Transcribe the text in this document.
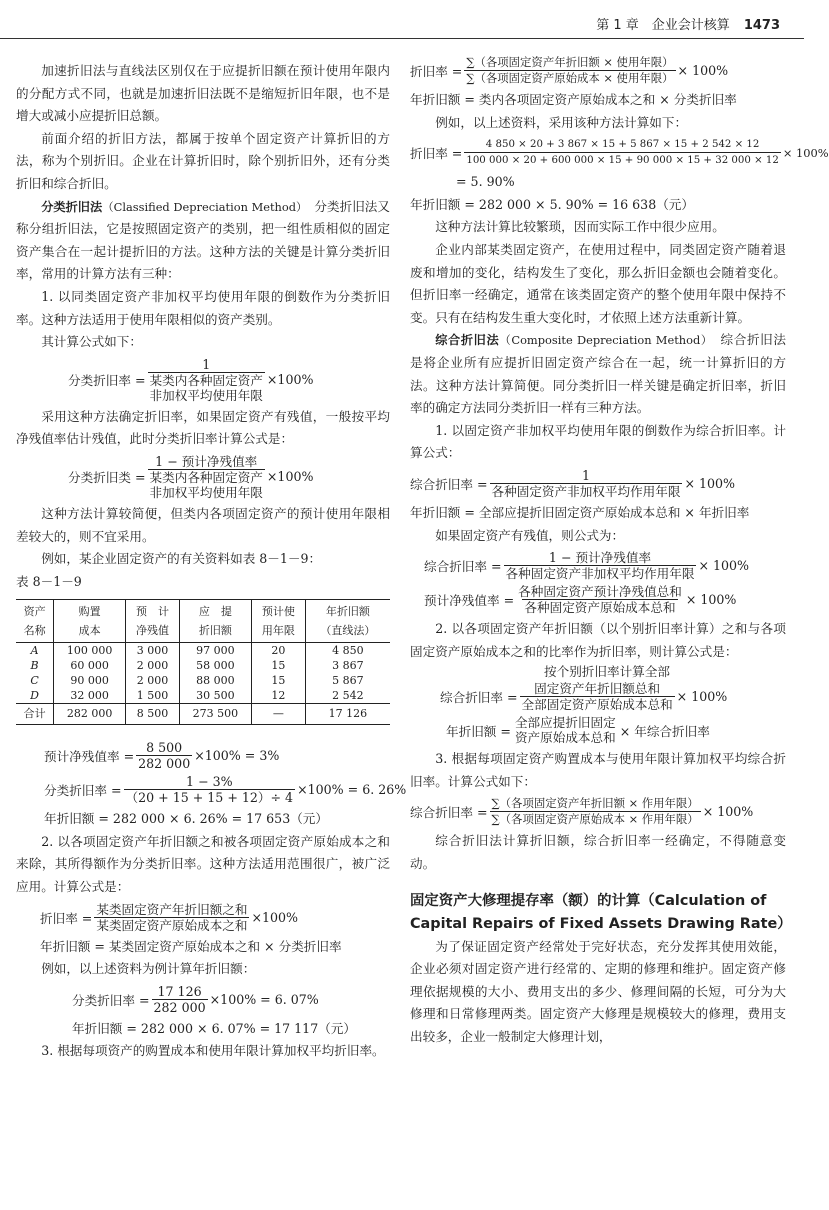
第 1 章　企业会计核算 1473

加速折旧法与直线法区别仅在于应提折旧额在预计使用年限内的分配方式不同，也就是加速折旧法既不是缩短折旧年限，也不是增大或减小应提折旧总额。

前面介绍的折旧方法，都属于按单个固定资产计算折旧的方法，称为个别折旧。企业在计算折旧时，除个别折旧外，还有分类折旧和综合折旧。

分类折旧法（Classified Depreciation Method）　 分类折旧法又称分组折旧法，它是按照固定资产的类别，把一组性质相似的固定资产集合在一起计提折旧的方法。这种方法的关键是计算分类折旧率，常用的计算方法有三种：

1. 以同类固定资产非加权平均使用年限的倒数作为分类折旧率。这种方法适用于使用年限相似的资产类别。

其计算公式如下：

分类折旧率 =
1
某类内各种固定资产
非加权平均使用年限
×100%

采用这种方法确定折旧率，如果固定资产有残值，一般按平均净残值率估计残值，此时分类折旧率计算公式是：

分类折旧类 =
1 − 预计净残值率
某类内各种固定资产
非加权平均使用年限
×100%

这种方法计算较简便，但类内各项固定资产的预计使用年限相差较大的，则不宜采用。

例如，某企业固定资产的有关资料如表 8－1－9：

表 8－1－9

资产
名称	购置
成本	预　计
净残值	应　提
折旧额	预计使
用年限	年折旧额
（直线法）
A	100 000	3 000	97 000	20	4 850
B	60 000	2 000	58 000	15	3 867
C	90 000	2 000	88 000	15	5 867
D	32 000	1 500	30 500	12	2 542
合计	282 000	8 500	273 500	—	17 126
预计净残值率 = $\frac{8 500}{282 000} \times 100\% = 3\%$
分类折旧率 = $\frac{1 - 3\%}{(20 + 15 + 15 + 12)\div 4} \times 100\% = 6$. 26%

年折旧额 = 282 000 × 6. 26% = 17 653（元）

2. 以各项固定资产年折旧额之和被各项固定资产原始成本之和来除，其所得额作为分类折旧率。这种方法适用范围很广，被广泛应用。计算公式是：

折旧率 = $\frac{\text{某类固定资产年折旧额之和}}{\text{某类固定资产原始成本之和}} \times 100\%$

年折旧额 = 某类固定资产原始成本之和 × 分类折旧率

例如，以上述资料为例计算年折旧额：

分类折旧率 = $\frac{17 126}{282 000} \times 100\% = 6$. 07%

年折旧额 = 282 000 × 6. 07% = 17 117（元）

3. 根据每项资产的购置成本和使用年限计算加权平均折旧率。

折旧率 = $\frac{\text{∑（各项固定资产年折旧额 × 使用年限）}}{\text{∑（各项固定资产原始成本 × 使用年限）}} \times 100\%$

年折旧额 = 类内各项固定资产原始成本之和 × 分类折旧率

例如，以上述资料，采用该种方法计算如下：

折旧率 = $\frac{4 850 \times 20 + 3 867 \times 15 + 5 867 \times 15 + 2 542 \times 12}{100 000 \times 20 + 600 000 \times 15 + 90 000 \times 15 + 32 000 \times 12} \times 100\%$

= 5. 90%

年折旧额 = 282 000 × 5. 90% = 16 638（元）

这种方法计算比较繁琐，因而实际工作中很少应用。

企业内部某类固定资产，在使用过程中，同类固定资产随着退废和增加的变化，结构发生了变化，那么折旧金额也会随着变化。但折旧率一经确定，通常在该类固定资产的整个使用年限中保持不变。只有在结构发生重大变化时，才依照上述方法重新计算。

综合折旧法（Composite Depreciation Method）　 综合折旧法是将企业所有应提折旧固定资产综合在一起，统一计算折旧的方法。这种方法计算简便。同分类折旧一样关键是确定折旧率，折旧率的确定方法同分类折旧一样有三种方法。

1. 以固定资产非加权平均使用年限的倒数作为综合折旧率。计算公式：

综合折旧率 = $\frac{1}{\text{各种固定资产非加权平均作用年限}} \times 100\%$

年折旧额 = 全部应提折旧固定资产原始成本总和 × 年折旧率

如果固定资产有残值，则公式为：

综合折旧率 = $\frac{\text{1 − 预计净残值率}}{\text{各种固定资产非加权平均作用年限}} \times 100\%$
预计净残值率 = $\frac{\text{各种固定资产预计净残值总和}}{\text{各种固定资产原始成本总和}} \times 100\%$

2. 以各项固定资产年折旧额（以个别折旧率计算）之和与各项固定资产原始成本之和的比率作为折旧率，则计算公式是：

按个别折旧率计算全部

综合折旧率 = $\frac{\text{固定资产年折旧额总和}}{\text{全部固定资产原始成本总和}} \times 100\%$
年折旧额 =
全部应提折旧固定
资产原始成本总和 × 年综合折旧率

3. 根据每项固定资产购置成本与使用年限计算加权平均综合折旧率。计算公式如下：

综合折旧率 = $\frac{\text{∑（各项固定资产年折旧额 × 作用年限）}}{\text{∑（各项固定资产原始成本 × 作用年限）}} \times 100\%$

综合折旧法计算折旧额，综合折旧率一经确定，不得随意变动。

固定资产大修理提存率（额）的计算（Calculation of Capital Repairs of Fixed Assets Drawing Rate）

为了保证固定资产经常处于完好状态，充分发挥其使用效能，企业必须对固定资产进行经常的、定期的修理和维护。固定资产修理依据规模的大小、费用支出的多少、修理间隔的长短，可分为大修理和日常修理两类。固定资产大修理是规模较大的修理，费用支出较多，企业一般制定大修理计划，
